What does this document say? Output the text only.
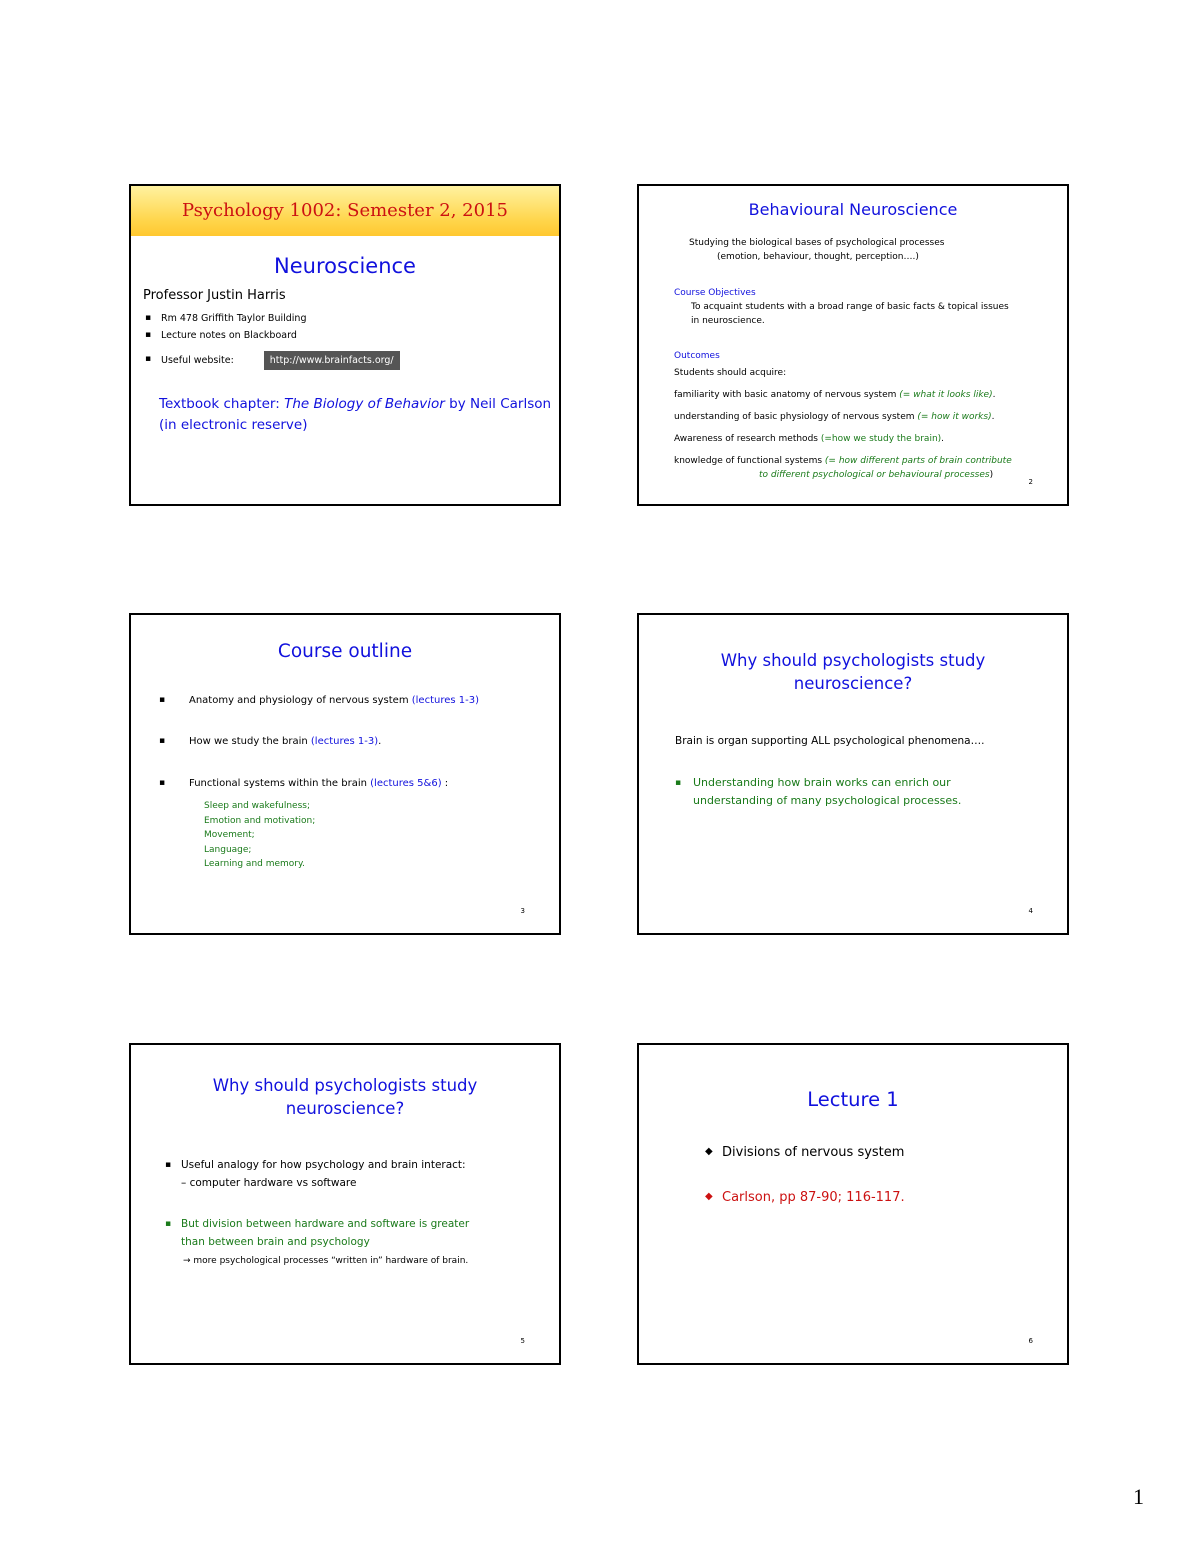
Psychology 1002: Semester 2, 2015
Neuroscience
Professor Justin Harris
▪ Rm 478 Griffith Taylor Building
▪ Lecture notes on Blackboard
▪ Useful website:	http://www.brainfacts.org/
Textbook chapter: The Biology of Behavior by Neil Carlson
(in electronic reserve)
Behavioural Neuroscience
Studying the biological bases of psychological processes
(emotion, behaviour, thought, perception….)
Course Objectives
To acquaint students with a broad range of basic facts & topical issues
in neuroscience.
Outcomes
Students should acquire:
familiarity with basic anatomy of nervous system (= what it looks like).
understanding of basic physiology of nervous system (= how it works).
Awareness of research methods (=how we study the brain).
knowledge of functional systems (= how different parts of brain contribute
to different psychological or behavioural processes)
2
Course outline
▪ Anatomy and physiology of nervous system (lectures 1-3)
▪ How we study the brain (lectures 1-3).
▪ Functional systems within the brain (lectures 5&6) :
Sleep and wakefulness;
Emotion and motivation;
Movement;
Language;
Learning and memory.
3
Why should psychologists study
neuroscience?
Brain is organ supporting ALL psychological phenomena….
▪ Understanding how brain works can enrich our
understanding of many psychological processes.
4
Why should psychologists study
neuroscience?
▪ Useful analogy for how psychology and brain interact:
– computer hardware vs software
▪ But division between hardware and software is greater
than between brain and psychology
→ more psychological processes “written in” hardware of brain.
5
Lecture 1
◆ Divisions of nervous system
◆ Carlson, pp 87-90; 116-117.
6
1
